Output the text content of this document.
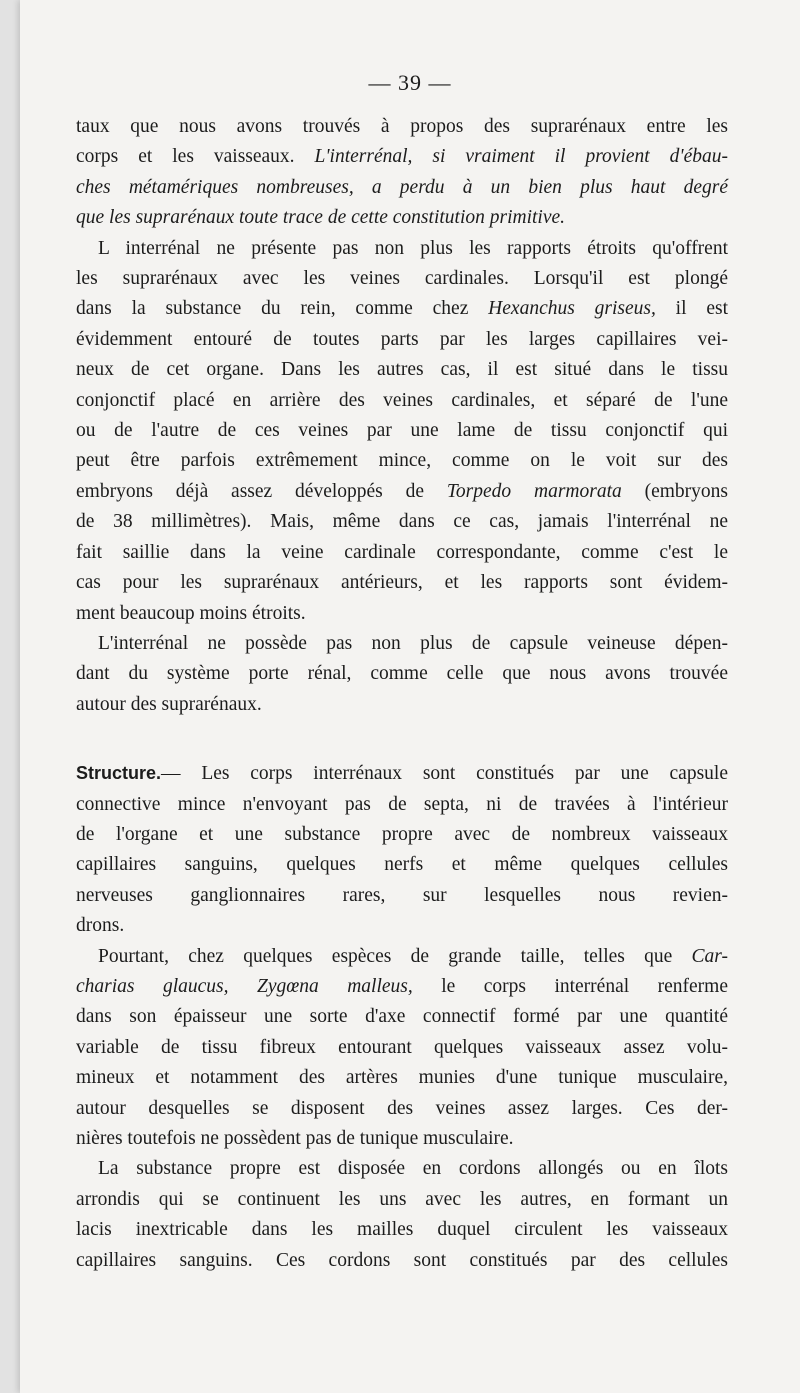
— 39 —
taux que nous avons trouvés à propos des suprarénaux entre les
corps et les vaisseaux. L'interrénal, si vraiment il provient d'ébau-
ches métamériques nombreuses, a perdu à un bien plus haut degré
que les suprarénaux toute trace de cette constitution primitive.
L interrénal ne présente pas non plus les rapports étroits qu'offrent
les suprarénaux avec les veines cardinales. Lorsqu'il est plongé
dans la substance du rein, comme chez Hexanchus griseus, il est
évidemment entouré de toutes parts par les larges capillaires vei-
neux de cet organe. Dans les autres cas, il est situé dans le tissu
conjonctif placé en arrière des veines cardinales, et séparé de l'une
ou de l'autre de ces veines par une lame de tissu conjonctif qui
peut être parfois extrêmement mince, comme on le voit sur des
embryons déjà assez développés de Torpedo marmorata (embryons
de 38 millimètres). Mais, même dans ce cas, jamais l'interrénal ne
fait saillie dans la veine cardinale correspondante, comme c'est le
cas pour les suprarénaux antérieurs, et les rapports sont évidem-
ment beaucoup moins étroits.
L'interrénal ne possède pas non plus de capsule veineuse dépen-
dant du système porte rénal, comme celle que nous avons trouvée
autour des suprarénaux.
Structure.— Les corps interrénaux sont constitués par une capsule
connective mince n'envoyant pas de septa, ni de travées à l'intérieur
de l'organe et une substance propre avec de nombreux vaisseaux
capillaires sanguins, quelques nerfs et même quelques cellules
nerveuses ganglionnaires rares, sur lesquelles nous revien-
drons.
Pourtant, chez quelques espèces de grande taille, telles que Car-
charias glaucus, Zygœna malleus, le corps interrénal renferme
dans son épaisseur une sorte d'axe connectif formé par une quantité
variable de tissu fibreux entourant quelques vaisseaux assez volu-
mineux et notamment des artères munies d'une tunique musculaire,
autour desquelles se disposent des veines assez larges. Ces der-
nières toutefois ne possèdent pas de tunique musculaire.
La substance propre est disposée en cordons allongés ou en îlots
arrondis qui se continuent les uns avec les autres, en formant un
lacis inextricable dans les mailles duquel circulent les vaisseaux
capillaires sanguins. Ces cordons sont constitués par des cellules
